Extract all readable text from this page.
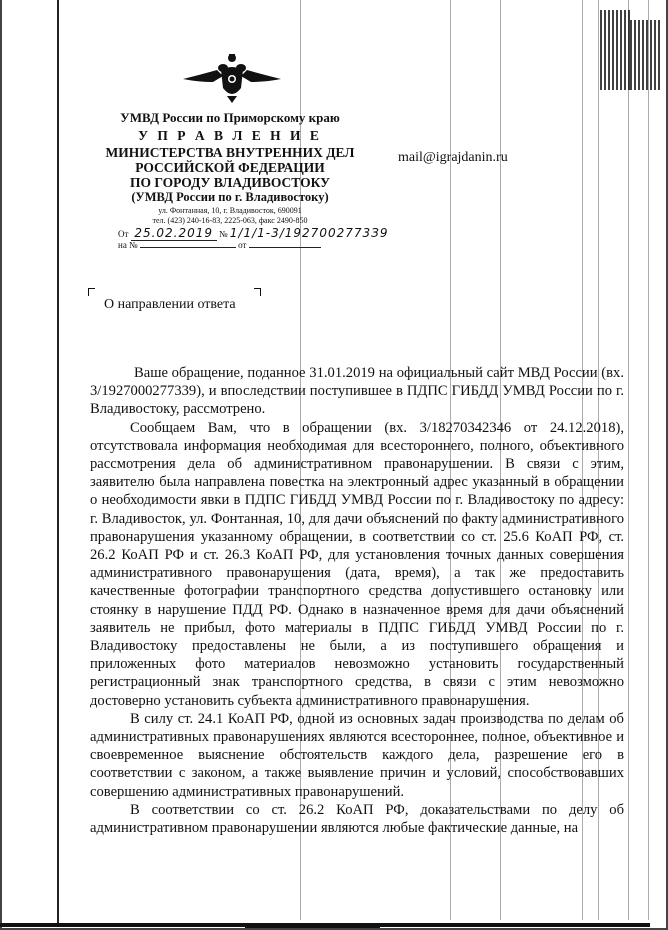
УМВД России по Приморскому краю
У П Р А В Л Е Н И Е
МИНИСТЕРСТВА ВНУТРЕННИХ ДЕЛ
РОССИЙСКОЙ ФЕДЕРАЦИИ
ПО ГОРОДУ ВЛАДИВОСТОКУ
(УМВД России по г. Владивостоку)
ул. Фонтанная, 10, г. Владивосток, 690091
тел. (423) 240-16-83, 2225-063, факс 2490-850
От 25.02.2019 № 1/1/1-3/1927002773З9
на №	от
mail@igrajdanin.ru
О направлении ответа

Ваше обращение, поданное 31.01.2019 на официальный сайт МВД России (вх. 3/1927000277339), и впоследствии поступившее в ПДПС ГИБДД УМВД России по г. Владивостоку, рассмотрено.

Сообщаем Вам, что в обращении (вх. 3/18270342346 от 24.12.2018), отсутствовала информация необходимая для всестороннего, полного, объективного рассмотрения дела об административном правонарушении. В связи с этим, заявителю была направлена повестка на электронный адрес указанный в обращении о необходимости явки в ПДПС ГИБДД УМВД России по г. Владивостоку по адресу: г. Владивосток, ул. Фонтанная, 10, для дачи объяснений по факту административного правонарушения указанному обращении, в соответствии со ст. 25.6 КоАП РФ, ст. 26.2 КоАП РФ и ст. 26.3 КоАП РФ, для установления точных данных совершения административного правонарушения (дата, время), а так же предоставить качественные фотографии транспортного средства допустившего остановку или стоянку в нарушение ПДД РФ. Однако в назначенное время для дачи объяснений заявитель не прибыл, фото материалы в ПДПС ГИБДД УМВД России по г. Владивостоку предоставлены не были, а из поступившего обращения и приложенных фото материалов невозможно установить государственный регистрационный знак транспортного средства, в связи с этим невозможно достоверно установить субъекта административного правонарушения.

В силу ст. 24.1 КоАП РФ, одной из основных задач производства по делам об административных правонарушениях являются всестороннее, полное, объективное и своевременное выяснение обстоятельств каждого дела, разрешение его в соответствии с законом, а также выявление причин и условий, способствовавших совершению административных правонарушений.

В соответствии со ст. 26.2 КоАП РФ, доказательствами по делу об административном правонарушении являются любые фактические данные, на
